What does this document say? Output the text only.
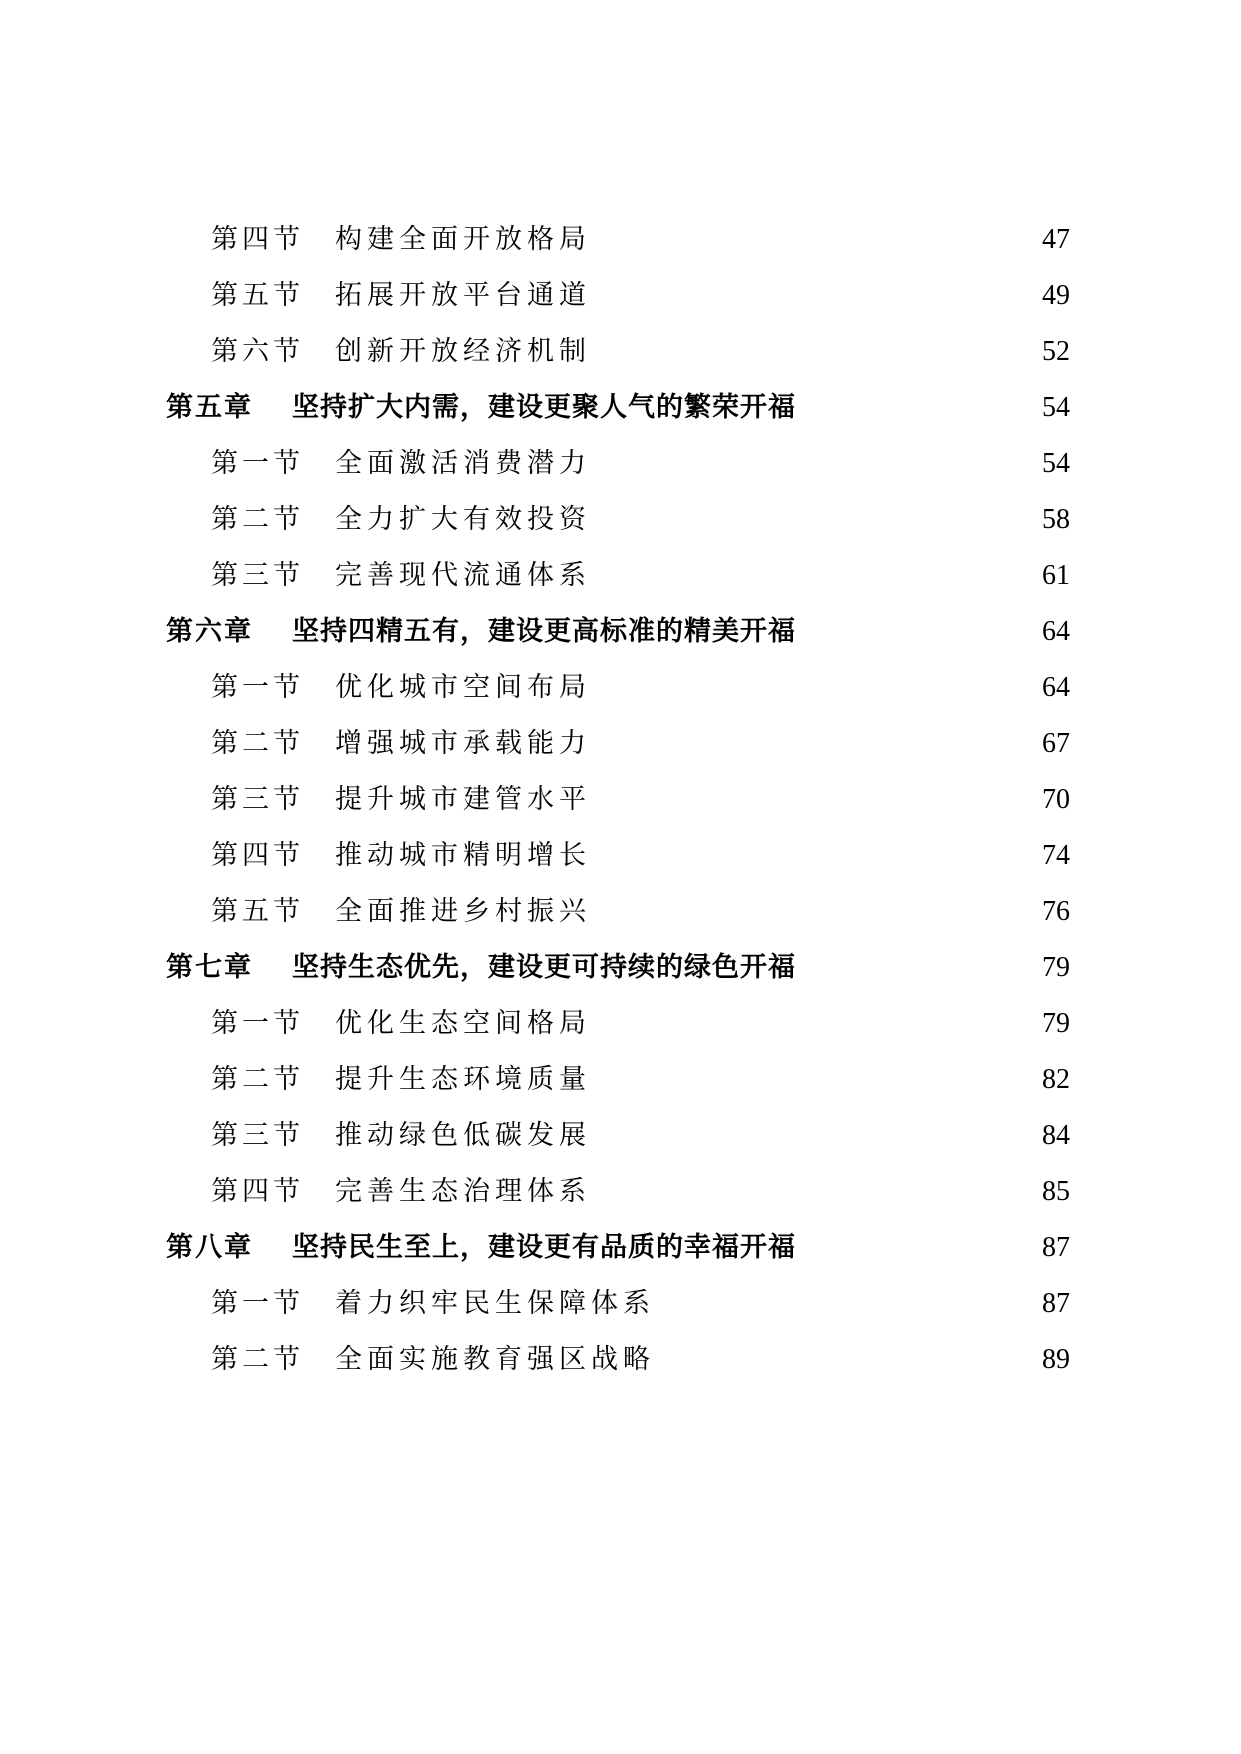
第四节	构建全面开放格局	47
第五节	拓展开放平台通道	49
第六节	创新开放经济机制	52
第五章	坚持扩大内需，建设更聚人气的繁荣开福	54
第一节	全面激活消费潜力	54
第二节	全力扩大有效投资	58
第三节	完善现代流通体系	61
第六章	坚持四精五有，建设更高标准的精美开福	64
第一节	优化城市空间布局	64
第二节	增强城市承载能力	67
第三节	提升城市建管水平	70
第四节	推动城市精明增长	74
第五节	全面推进乡村振兴	76
第七章	坚持生态优先，建设更可持续的绿色开福	79
第一节	优化生态空间格局	79
第二节	提升生态环境质量	82
第三节	推动绿色低碳发展	84
第四节	完善生态治理体系	85
第八章	坚持民生至上，建设更有品质的幸福开福	87
第一节	着力织牢民生保障体系	87
第二节	全面实施教育强区战略	89
